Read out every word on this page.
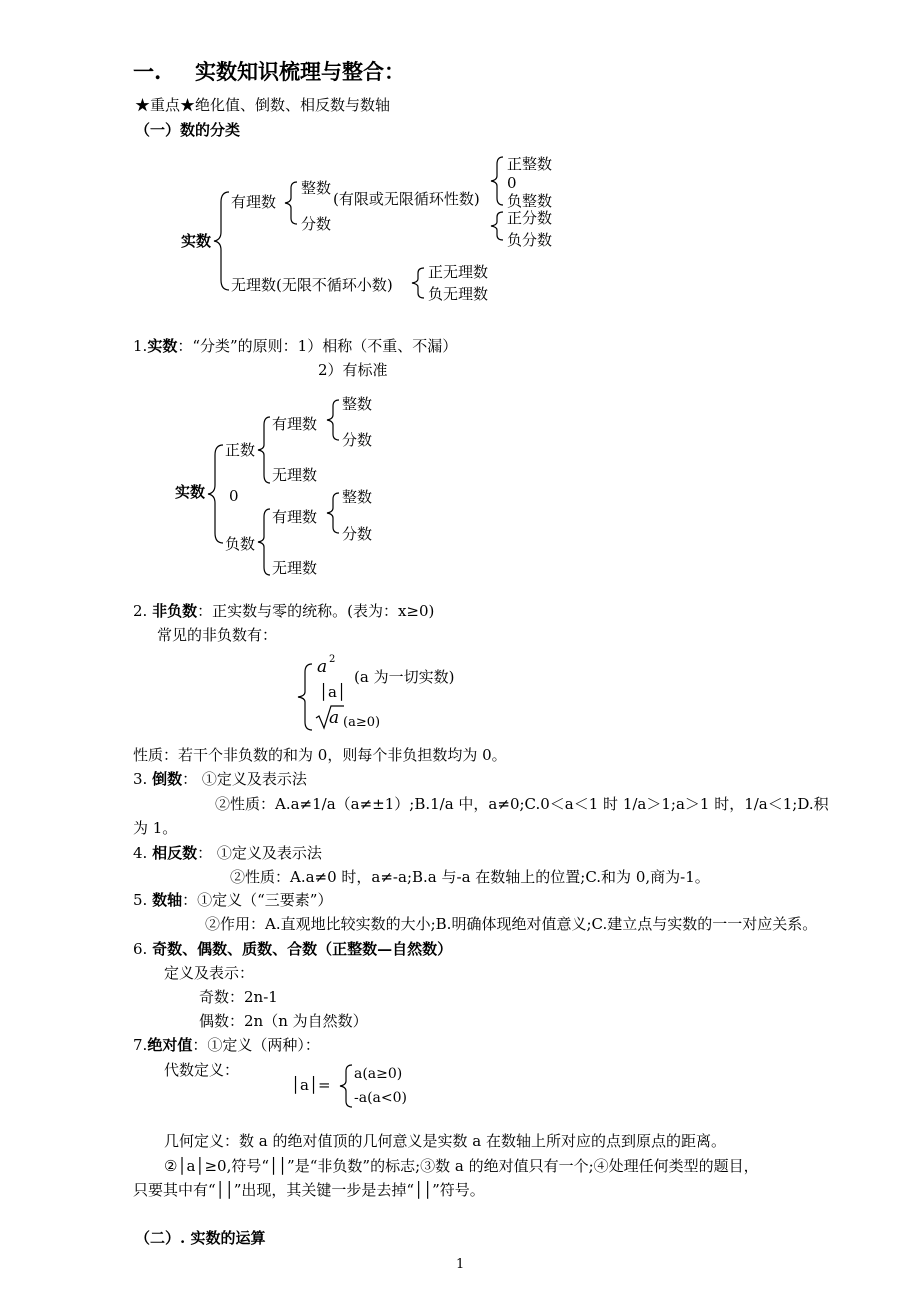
一. 实数知识梳理与整合：
★重点★绝化值、倒数、相反数与数轴
（一）数的分类
实数
有理数
整数
(有限或无限循环性数)
分数
正整数
0
负整数
正分数
负分数
无理数(无限不循环小数)
正无理数
负无理数
1.实数：“分类”的原则：1）相称（不重、不漏）
2）有标准
实数
正数
0
负数
有理数
无理数
整数
分数
有理数
无理数
整数
分数
2. 非负数：正实数与零的统称。(表为：x≥0)
常见的非负数有：
a 2
│a│
(a 为一切实数)
a (a≥0)
性质：若干个非负数的和为 0，则每个非负担数均为 0。
3. 倒数： ①定义及表示法
②性质：A.a≠1/a（a≠±1）;B.1/a 中，a≠0;C.0＜a＜1 时 1/a＞1;a＞1 时，1/a＜1;D.积
为 1。
4. 相反数： ①定义及表示法
②性质：A.a≠0 时，a≠-a;B.a 与-a 在数轴上的位置;C.和为 0,商为-1。
5. 数轴：①定义（“三要素”）
②作用：A.直观地比较实数的大小;B.明确体现绝对值意义;C.建立点与实数的一一对应关系。
6. 奇数、偶数、质数、合数（正整数—自然数）
定义及表示：
奇数：2n-1
偶数：2n（n 为自然数）
7.绝对值：①定义（两种）：
代数定义：
│a│=
a(a≥0)
-a(a<0)
几何定义：数 a 的绝对值顶的几何意义是实数 a 在数轴上所对应的点到原点的距离。
②│a│≥0,符号“││”是“非负数”的标志;③数 a 的绝对值只有一个;④处理任何类型的题目，
只要其中有“││”出现，其关键一步是去掉“││”符号。
（二）. 实数的运算
1
